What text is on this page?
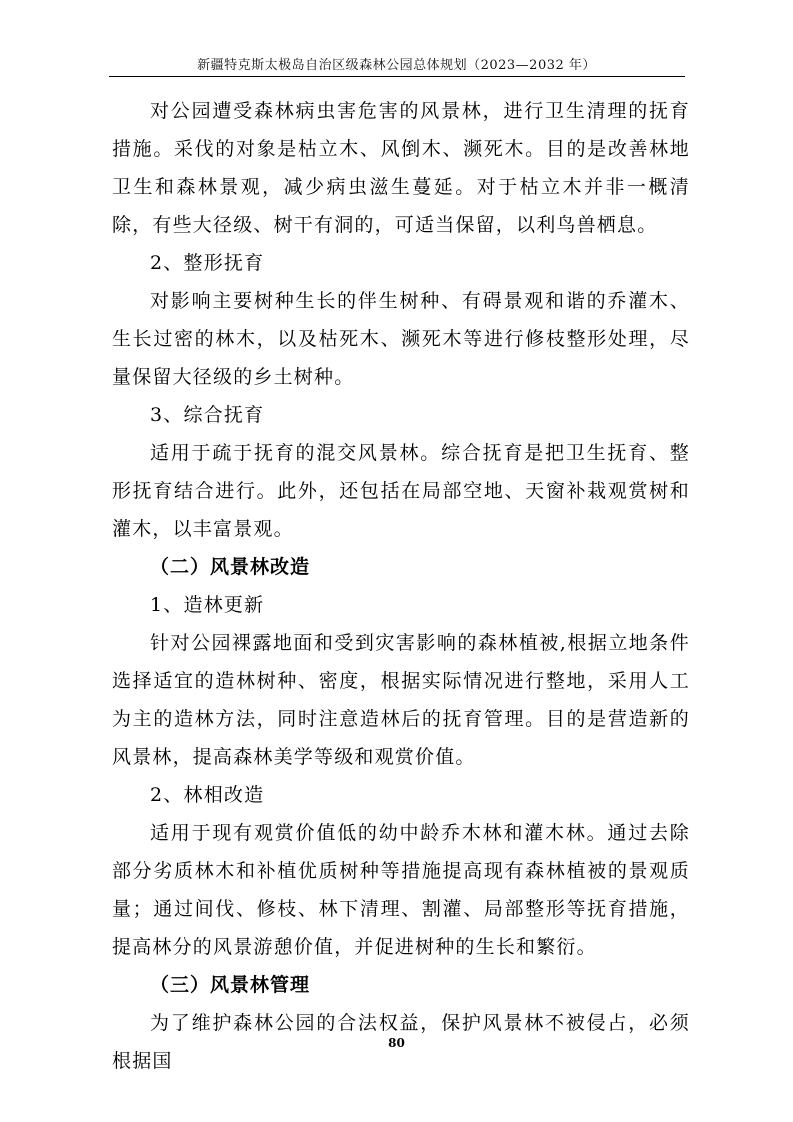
新疆特克斯太极岛自治区级森林公园总体规划（2023—2032 年）

对公园遭受森林病虫害危害的风景林，进行卫生清理的抚育措施。采伐的对象是枯立木、风倒木、濒死木。目的是改善林地卫生和森林景观，减少病虫滋生蔓延。对于枯立木并非一概清除，有些大径级、树干有洞的，可适当保留，以利鸟兽栖息。

2、整形抚育

对影响主要树种生长的伴生树种、有碍景观和谐的乔灌木、生长过密的林木，以及枯死木、濒死木等进行修枝整形处理，尽量保留大径级的乡土树种。

3、综合抚育

适用于疏于抚育的混交风景林。综合抚育是把卫生抚育、整形抚育结合进行。此外，还包括在局部空地、天窗补栽观赏树和灌木，以丰富景观。

（二）风景林改造

1、造林更新

针对公园裸露地面和受到灾害影响的森林植被,根据立地条件选择适宜的造林树种、密度，根据实际情况进行整地，采用人工为主的造林方法，同时注意造林后的抚育管理。目的是营造新的风景林，提高森林美学等级和观赏价值。

2、林相改造

适用于现有观赏价值低的幼中龄乔木林和灌木林。通过去除部分劣质林木和补植优质树种等措施提高现有森林植被的景观质量；通过间伐、修枝、林下清理、割灌、局部整形等抚育措施，提高林分的风景游憩价值，并促进树种的生长和繁衍。

（三）风景林管理

为了维护森林公园的合法权益，保护风景林不被侵占，必须根据国

80
